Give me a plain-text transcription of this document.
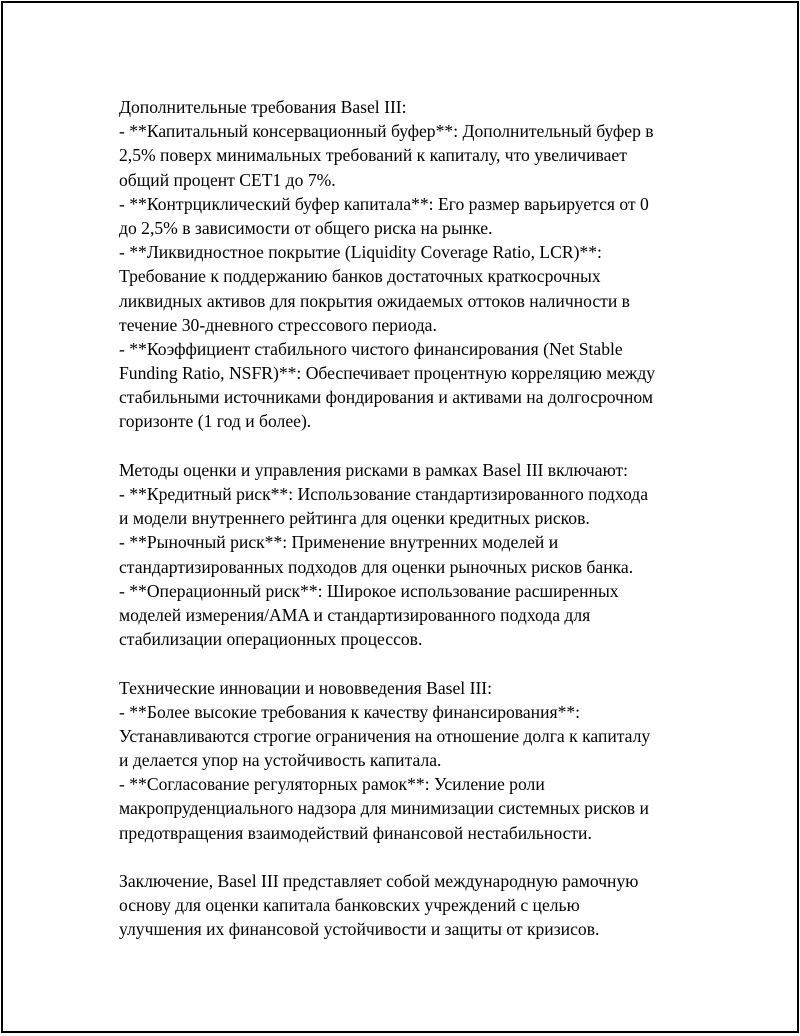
Дополнительные требования Basel III:
- **Капитальный консервационный буфер**: Дополнительный буфер в
2,5% поверх минимальных требований к капиталу, что увеличивает
общий процент CET1 до 7%.
- **Контрциклический буфер капитала**: Его размер варьируется от 0
до 2,5% в зависимости от общего риска на рынке.
- **Ликвидностное покрытие (Liquidity Coverage Ratio, LCR)**:
Требование к поддержанию банков достаточных краткосрочных
ликвидных активов для покрытия ожидаемых оттоков наличности в
течение 30-дневного стрессового периода.
- **Коэффициент стабильного чистого финансирования (Net Stable
Funding Ratio, NSFR)**: Обеспечивает процентную корреляцию между
стабильными источниками фондирования и активами на долгосрочном
горизонте (1 год и более).
Методы оценки и управления рисками в рамках Basel III включают:
- **Кредитный риск**: Использование стандартизированного подхода
и модели внутреннего рейтинга для оценки кредитных рисков.
- **Рыночный риск**: Применение внутренних моделей и
стандартизированных подходов для оценки рыночных рисков банка.
- **Операционный риск**: Широкое использование расширенных
моделей измерения/AMA и стандартизированного подхода для
стабилизации операционных процессов.
Технические инновации и нововведения Basel III:
- **Более высокие требования к качеству финансирования**:
Устанавливаются строгие ограничения на отношение долга к капиталу
и делается упор на устойчивость капитала.
- **Согласование регуляторных рамок**: Усиление роли
макропруденциального надзора для минимизации системных рисков и
предотвращения взаимодействий финансовой нестабильности.
Заключение, Basel III представляет собой международную рамочную
основу для оценки капитала банковских учреждений с целью
улучшения их финансовой устойчивости и защиты от кризисов.
